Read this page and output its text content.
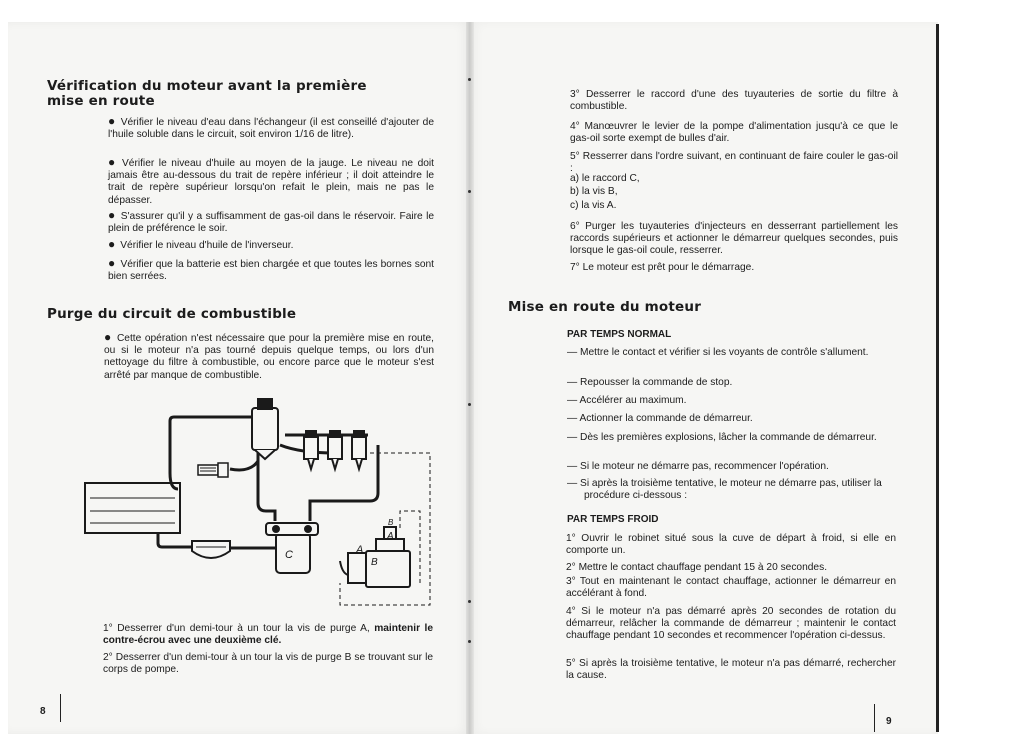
Vérification du moteur avant la première
mise en route

● Vérifier le niveau d'eau dans l'échangeur (il est conseillé d'ajouter de l'huile soluble dans le circuit, soit environ 1/16 de litre).

● Vérifier le niveau d'huile au moyen de la jauge. Le niveau ne doit jamais être au-dessous du trait de repère inférieur ; il doit atteindre le trait de repère supérieur lorsqu'on refait le plein, mais ne pas le dépasser.

● S'assurer qu'il y a suffisamment de gas-oil dans le réservoir. Faire le plein de préférence le soir.

● Vérifier le niveau d'huile de l'inverseur.

● Vérifier que la batterie est bien chargée et que toutes les bornes sont bien serrées.

Purge du circuit de combustible

● Cette opération n'est nécessaire que pour la première mise en route, ou si le moteur n'a pas tourné depuis quelque temps, ou lors d'un nettoyage du filtre à combustible, ou encore parce que le moteur s'est arrêté par manque de combustible.

C	A
A
B
B

1° Desserrer d'un demi-tour à un tour la vis de purge A, maintenir le contre-écrou avec une deuxième clé.

2° Desserrer d'un demi-tour à un tour la vis de purge B se trouvant sur le corps de pompe.

8

3° Desserrer le raccord d'une des tuyauteries de sortie du filtre à combustible.

4° Manœuvrer le levier de la pompe d'alimentation jusqu'à ce que le gas-oil sorte exempt de bulles d'air.

5° Resserrer dans l'ordre suivant, en continuant de faire couler le gas-oil :

a) le raccord C,

b) la vis B,

c) la vis A.

6° Purger les tuyauteries d'injecteurs en desserrant partiellement les raccords supérieurs et actionner le démarreur quelques secondes, puis lorsque le gas-oil coule, resserrer.

7° Le moteur est prêt pour le démarrage.

Mise en route du moteur

PAR TEMPS NORMAL

— Mettre le contact et vérifier si les voyants de contrôle s'allument.

— Repousser la commande de stop.

— Accélérer au maximum.

— Actionner la commande de démarreur.

— Dès les premières explosions, lâcher la commande de démarreur.

— Si le moteur ne démarre pas, recommencer l'opération.

— Si après la troisième tentative, le moteur ne démarre pas, utiliser la procédure ci-dessous :

PAR TEMPS FROID

1° Ouvrir le robinet situé sous la cuve de départ à froid, si elle en comporte un.

2° Mettre le contact chauffage pendant 15 à 20 secondes.

3° Tout en maintenant le contact chauffage, actionner le démarreur en accélérant à fond.

4° Si le moteur n'a pas démarré après 20 secondes de rotation du démarreur, relâcher la commande de démarreur ; maintenir le contact chauffage pendant 10 secondes et recommencer l'opération ci-dessus.

5° Si après la troisième tentative, le moteur n'a pas démarré, rechercher la cause.

9
